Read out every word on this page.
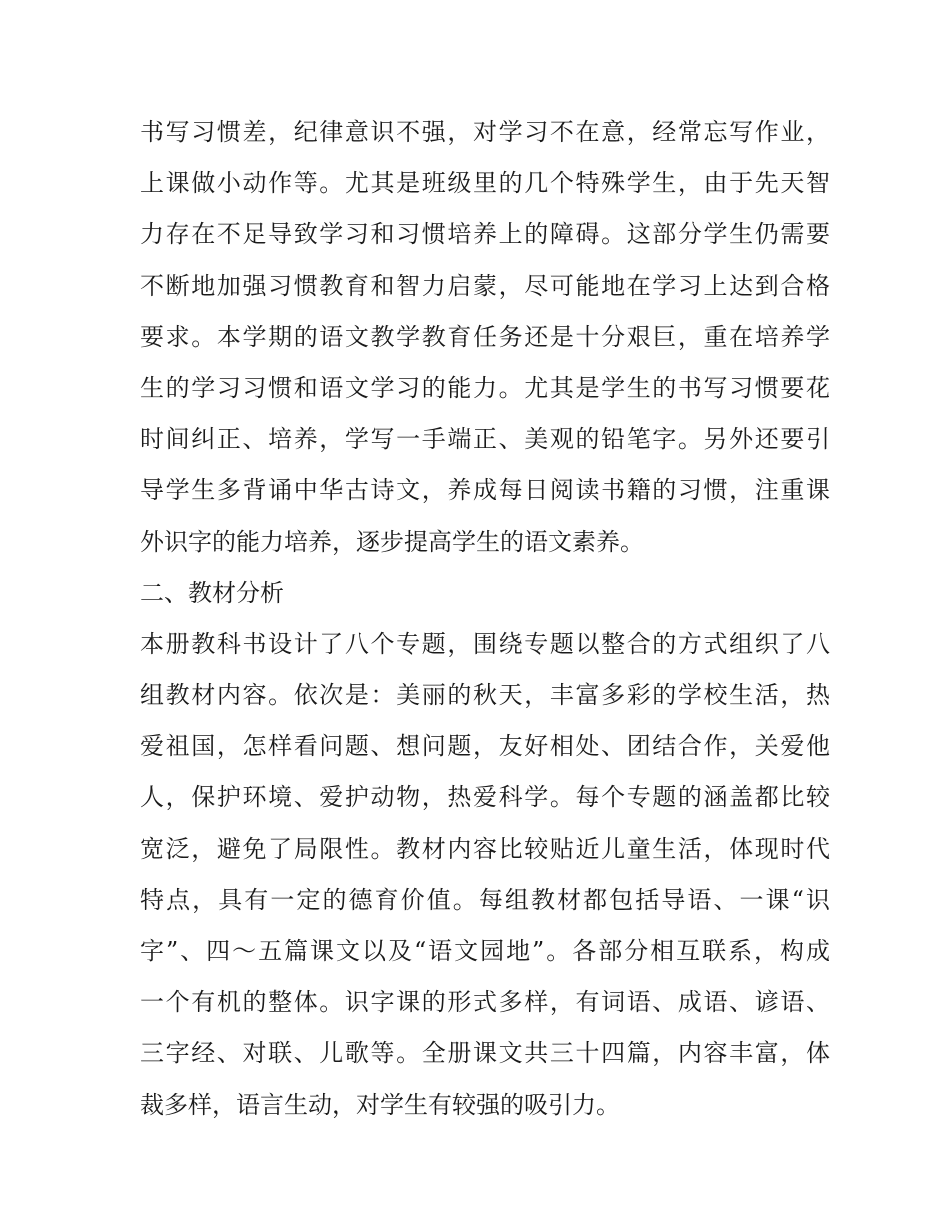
书写习惯差，纪律意识不强，对学习不在意，经常忘写作业，
上课做小动作等。尤其是班级里的几个特殊学生，由于先天智
力存在不足导致学习和习惯培养上的障碍。这部分学生仍需要
不断地加强习惯教育和智力启蒙，尽可能地在学习上达到合格
要求。本学期的语文教学教育任务还是十分艰巨，重在培养学
生的学习习惯和语文学习的能力。尤其是学生的书写习惯要花
时间纠正、培养，学写一手端正、美观的铅笔字。另外还要引
导学生多背诵中华古诗文，养成每日阅读书籍的习惯，注重课
外识字的能力培养，逐步提高学生的语文素养。
二、教材分析
本册教科书设计了八个专题，围绕专题以整合的方式组织了八
组教材内容。依次是：美丽的秋天，丰富多彩的学校生活，热
爱祖国，怎样看问题、想问题，友好相处、团结合作，关爱他
人，保护环境、爱护动物，热爱科学。每个专题的涵盖都比较
宽泛，避免了局限性。教材内容比较贴近儿童生活，体现时代
特点，具有一定的德育价值。每组教材都包括导语、一课“识
字”、四～五篇课文以及“语文园地”。各部分相互联系，构成
一个有机的整体。识字课的形式多样，有词语、成语、谚语、
三字经、对联、儿歌等。全册课文共三十四篇，内容丰富，体
裁多样，语言生动，对学生有较强的吸引力。
